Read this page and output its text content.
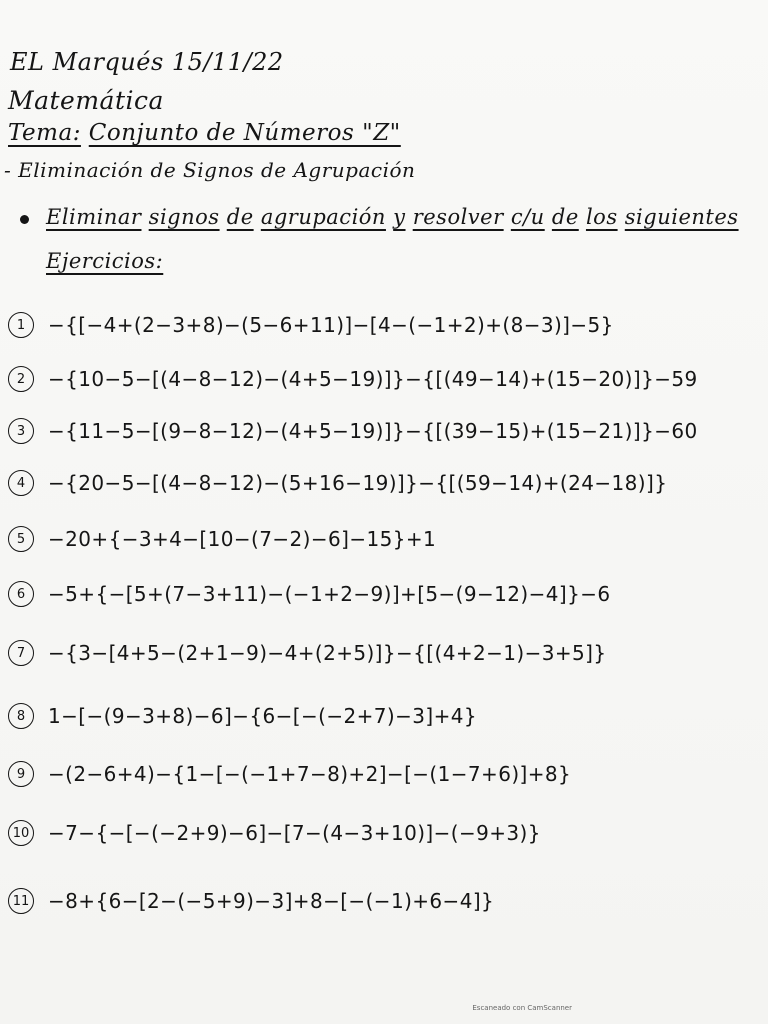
EL Marqués 15/11/22
Matemática
Tema: Conjunto de Números "Z"
- Eliminación de Signos de Agrupación
Eliminar signos de agrupación y resolver c/u de los siguientes
Ejercicios:
1	−{[−4+(2−3+8)−(5−6+11)]−[4−(−1+2)+(8−3)]−5}
2	−{10−5−[(4−8−12)−(4+5−19)]}−{[(49−14)+(15−20)]}−59
3	−{11−5−[(9−8−12)−(4+5−19)]}−{[(39−15)+(15−21)]}−60
4	−{20−5−[(4−8−12)−(5+16−19)]}−{[(59−14)+(24−18)]}
5	−20+{−3+4−[10−(7−2)−6]−15}+1
6	−5+{−[5+(7−3+11)−(−1+2−9)]+[5−(9−12)−4]}−6
7	−{3−[4+5−(2+1−9)−4+(2+5)]}−{[(4+2−1)−3+5]}
8	1−[−(9−3+8)−6]−{6−[−(−2+7)−3]+4}
9	−(2−6+4)−{1−[−(−1+7−8)+2]−[−(1−7+6)]+8}
10 −7−{−[−(−2+9)−6]−[7−(4−3+10)]−(−9+3)}
11 −8+{6−[2−(−5+9)−3]+8−[−(−1)+6−4]}
Escaneado con CamScanner
